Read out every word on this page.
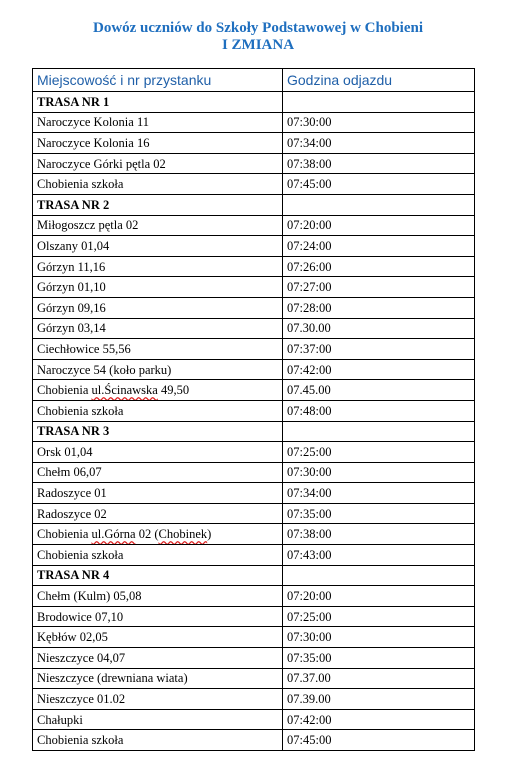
Dowóz uczniów do Szkoły Podstawowej w Chobieni
I ZMIANA
Miejscowość i nr przystanku	Godzina odjazdu
TRASA NR 1	
Naroczyce Kolonia 11	07:30:00
Naroczyce Kolonia 16	07:34:00
Naroczyce Górki pętla 02	07:38:00
Chobienia szkoła	07:45:00
TRASA NR 2	
Miłogoszcz pętla 02	07:20:00
Olszany 01,04	07:24:00
Górzyn 11,16	07:26:00
Górzyn 01,10	07:27:00
Górzyn 09,16	07:28:00
Górzyn 03,14	07.30.00
Ciechłowice 55,56	07:37:00
Naroczyce 54 (koło parku)	07:42:00
Chobienia ul.Ścinawska 49,50	07.45.00
Chobienia szkoła	07:48:00
TRASA NR 3	
Orsk 01,04	07:25:00
Chełm 06,07	07:30:00
Radoszyce 01	07:34:00
Radoszyce 02	07:35:00
Chobienia ul.Górna 02 (Chobinek)	07:38:00
Chobienia szkoła	07:43:00
TRASA NR 4	
Chełm (Kulm) 05,08	07:20:00
Brodowice 07,10	07:25:00
Kębłów 02,05	07:30:00
Nieszczyce 04,07	07:35:00
Nieszczyce (drewniana wiata)	07.37.00
Nieszczyce 01.02	07.39.00
Chałupki	07:42:00
Chobienia szkoła	07:45:00
